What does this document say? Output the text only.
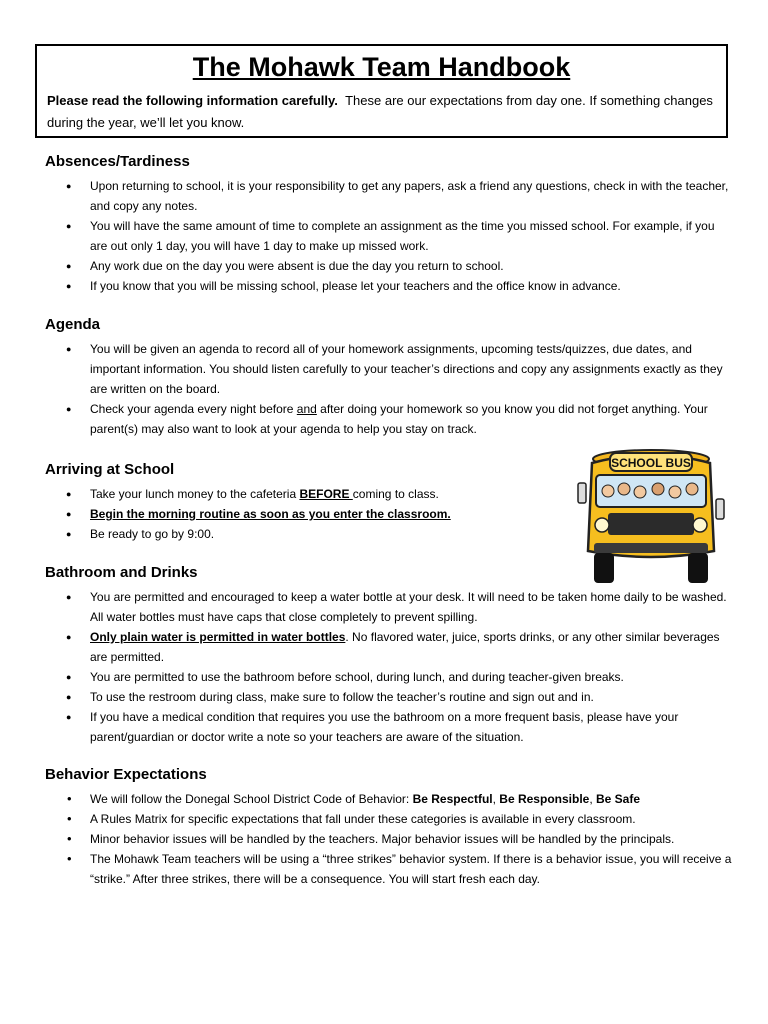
The Mohawk Team Handbook
Please read the following information carefully. These are our expectations from day one. If something changes during the year, we’ll let you know.
Absences/Tardiness
● Upon returning to school, it is your responsibility to get any papers, ask a friend any questions, check in with the teacher, and copy any notes.
● You will have the same amount of time to complete an assignment as the time you missed school. For example, if you are out only 1 day, you will have 1 day to make up missed work.
● Any work due on the day you were absent is due the day you return to school.
● If you know that you will be missing school, please let your teachers and the office know in advance.
Agenda
● You will be given an agenda to record all of your homework assignments, upcoming tests/quizzes, due dates, and important information. You should listen carefully to your teacher’s directions and copy any assignments exactly as they are written on the board.
● Check your agenda every night before and after doing your homework so you know you did not forget anything. Your parent(s) may also want to look at your agenda to help you stay on track.
Arriving at School
● Take your lunch money to the cafeteria BEFORE coming to class.
● Begin the morning routine as soon as you enter the classroom.
● Be ready to go by 9:00.
Bathroom and Drinks
● You are permitted and encouraged to keep a water bottle at your desk. It will need to be taken home daily to be washed. All water bottles must have caps that close completely to prevent spilling.
● Only plain water is permitted in water bottles. No flavored water, juice, sports drinks, or any other similar beverages are permitted.
● You are permitted to use the bathroom before school, during lunch, and during teacher-given breaks.
● To use the restroom during class, make sure to follow the teacher’s routine and sign out and in.
● If you have a medical condition that requires you use the bathroom on a more frequent basis, please have your parent/guardian or doctor write a note so your teachers are aware of the situation.
Behavior Expectations
• We will follow the Donegal School District Code of Behavior: Be Respectful, Be Responsible, Be Safe
• A Rules Matrix for specific expectations that fall under these categories is available in every classroom.
• Minor behavior issues will be handled by the teachers. Major behavior issues will be handled by the principals.
• The Mohawk Team teachers will be using a “three strikes” behavior system. If there is a behavior issue, you will receive a “strike.” After three strikes, there will be a consequence. You will start fresh each day.
SCHOOL BUS
